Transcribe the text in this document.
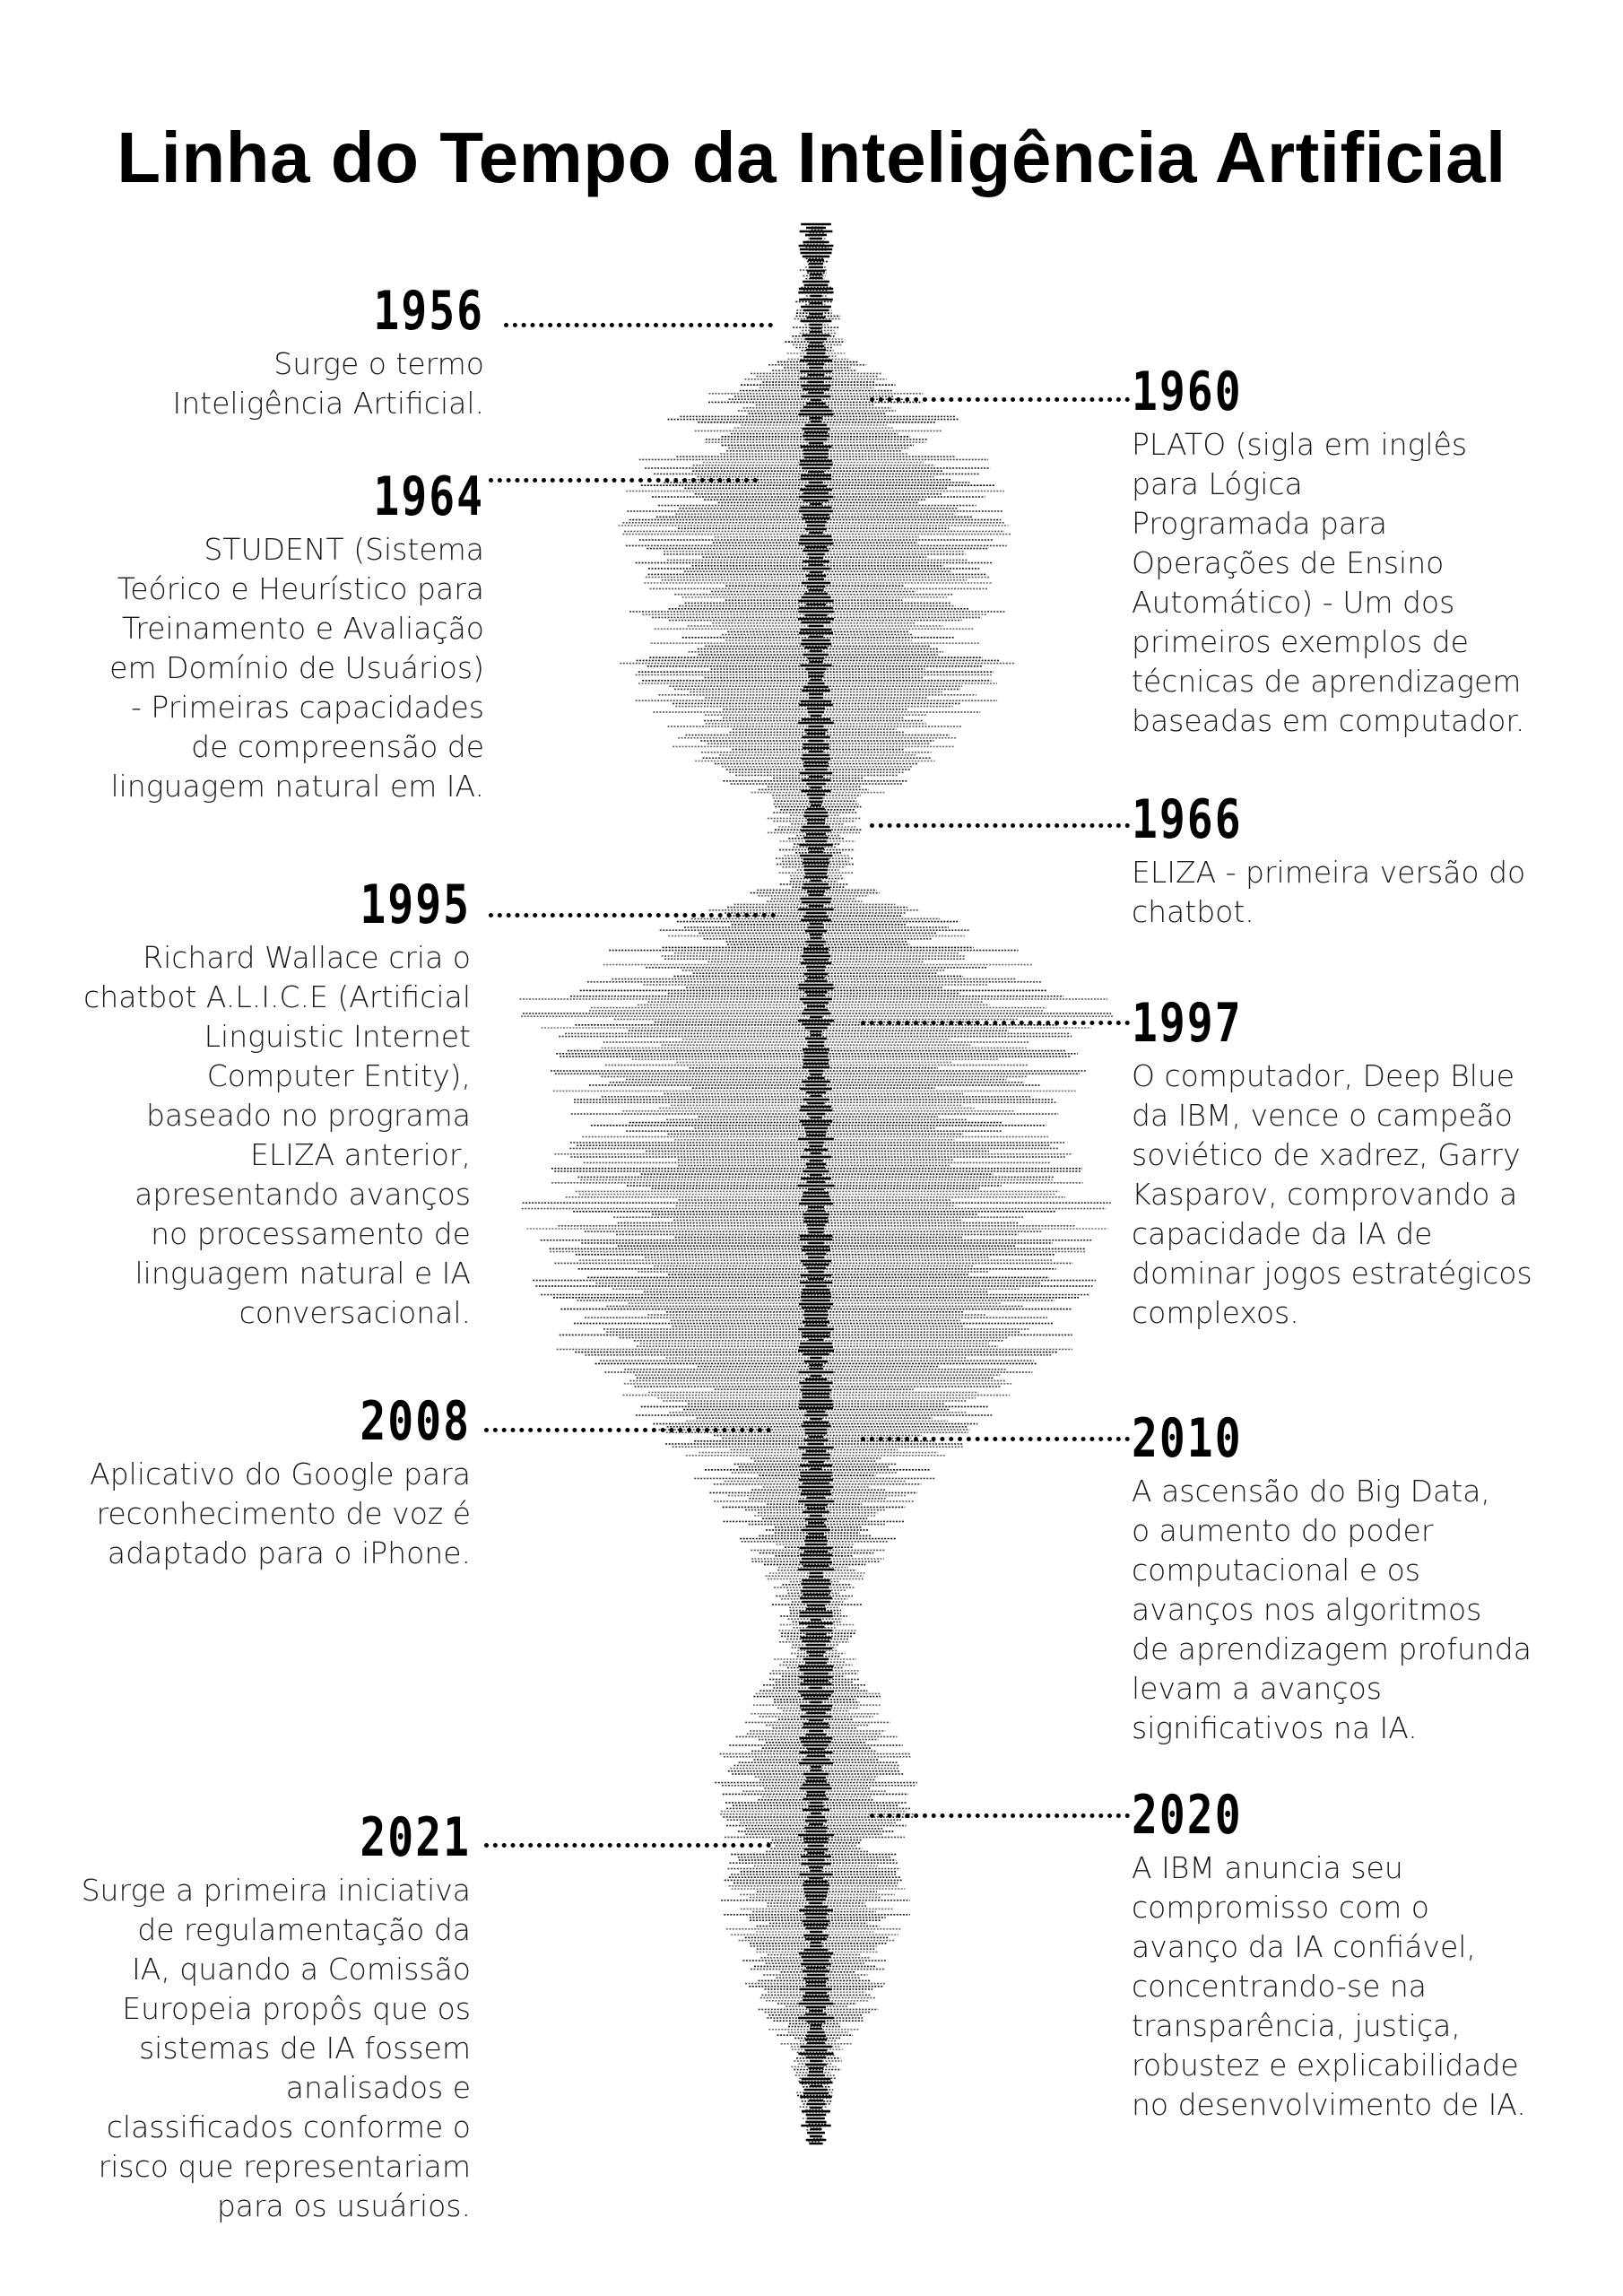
Linha do Tempo da Inteligência Artificial
1956
Surge o termo
Inteligência Artificial.
1964
STUDENT (Sistema
Teórico e Heurístico para
Treinamento e Avaliação
em Domínio de Usuários)
- Primeiras capacidades
de compreensão de
linguagem natural em IA.
1995
Richard Wallace cria o
chatbot A.L.I.C.E (Artificial
Linguistic Internet
Computer Entity),
baseado no programa
ELIZA anterior,
apresentando avanços
no processamento de
linguagem natural e IA
conversacional.
2008
Aplicativo do Google para
reconhecimento de voz é
adaptado para o iPhone.
2021
Surge a primeira iniciativa
de regulamentação da
IA, quando a Comissão
Europeia propôs que os
sistemas de IA fossem
analisados e
classificados conforme o
risco que representariam
para os usuários.
1960
PLATO (sigla em inglês
para Lógica
Programada para
Operações de Ensino
Automático) - Um dos
primeiros exemplos de
técnicas de aprendizagem
baseadas em computador.
1966
ELIZA - primeira versão do
chatbot.
1997
O computador, Deep Blue
da IBM, vence o campeão
soviético de xadrez, Garry
Kasparov, comprovando a
capacidade da IA de
dominar jogos estratégicos
complexos.
2010
A ascensão do Big Data,
o aumento do poder
computacional e os
avanços nos algoritmos
de aprendizagem profunda
levam a avanços
significativos na IA.
2020
A IBM anuncia seu
compromisso com o
avanço da IA confiável,
concentrando-se na
transparência, justiça,
robustez e explicabilidade
no desenvolvimento de IA.
